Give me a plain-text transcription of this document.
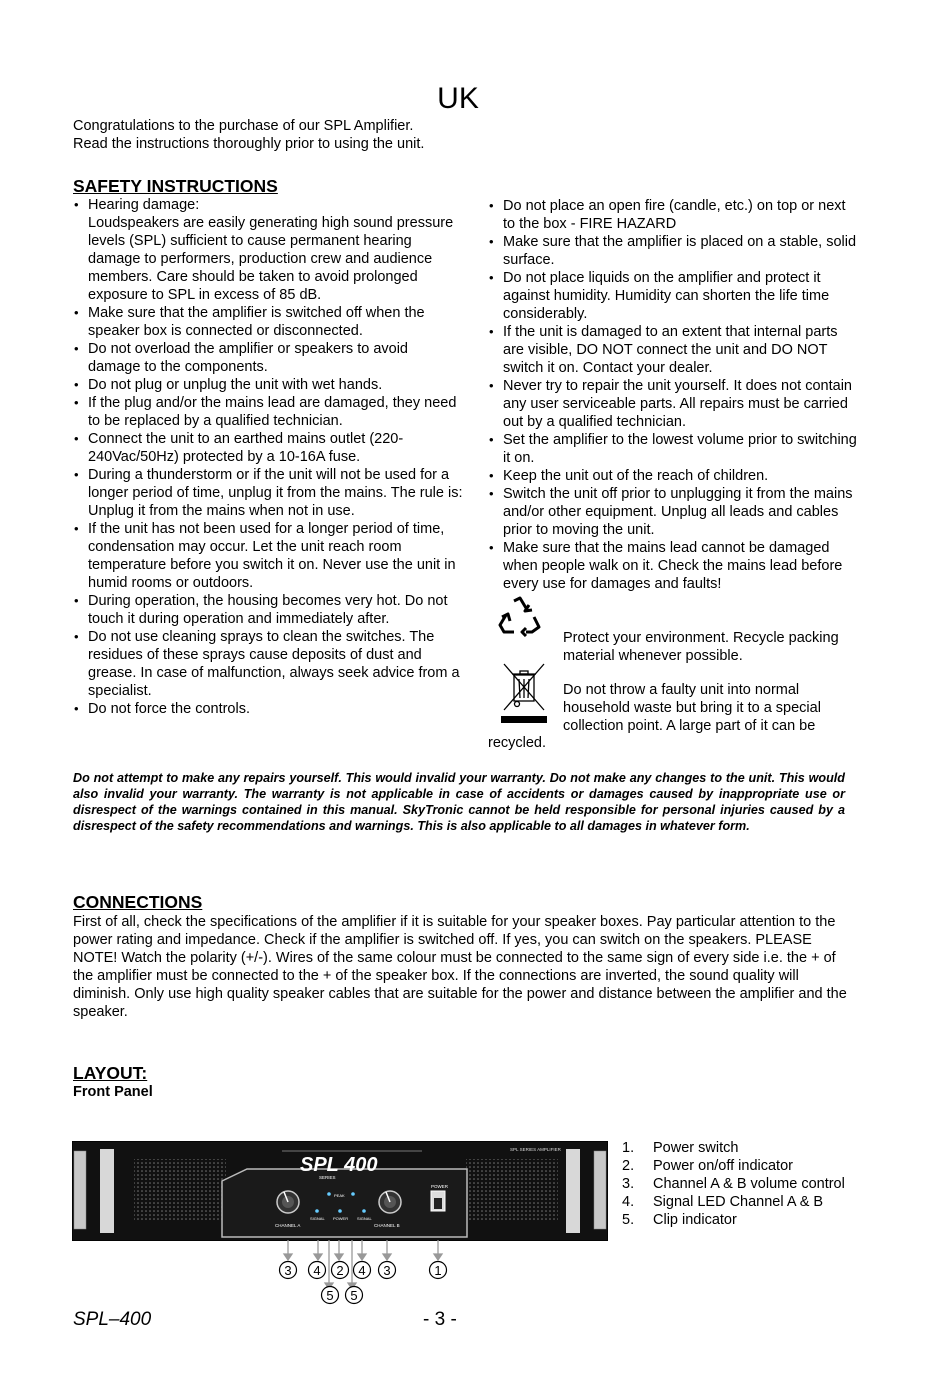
UK
Congratulations to the purchase of our SPL Amplifier.
Read the instructions thoroughly prior to using the unit.
SAFETY INSTRUCTIONS
• Hearing damage:
Loudspeakers are easily generating high sound pressure levels (SPL) sufficient to cause permanent hearing damage to performers, production crew and audience members. Care should be taken to avoid prolonged exposure to SPL in excess of 85 dB.
• Make sure that the amplifier is switched off when the speaker box is connected or disconnected.
• Do not overload the amplifier or speakers to avoid damage to the components.
• Do not plug or unplug the unit with wet hands.
• If the plug and/or the mains lead are damaged, they need to be replaced by a qualified technician.
• Connect the unit to an earthed mains outlet (220-240Vac/50Hz) protected by a 10-16A fuse.
• During a thunderstorm or if the unit will not be used for a longer period of time, unplug it from the mains. The rule is: Unplug it from the mains when not in use.
• If the unit has not been used for a longer period of time, condensation may occur. Let the unit reach room temperature before you switch it on. Never use the unit in humid rooms or outdoors.
• During operation, the housing becomes very hot. Do not touch it during operation and immediately after.
• Do not use cleaning sprays to clean the switches. The residues of these sprays cause deposits of dust and grease. In case of malfunction, always seek advice from a specialist.
• Do not force the controls.
• Do not place an open fire (candle, etc.) on top or next to the box - FIRE HAZARD
• Make sure that the amplifier is placed on a stable, solid surface.
• Do not place liquids on the amplifier and protect it against humidity. Humidity can shorten the life time considerably.
• If the unit is damaged to an extent that internal parts are visible, DO NOT connect the unit and DO NOT switch it on. Contact your dealer.
• Never try to repair the unit yourself. It does not contain any user serviceable parts. All repairs must be carried out by a qualified technician.
• Set the amplifier to the lowest volume prior to switching it on.
• Keep the unit out of the reach of children.
• Switch the unit off prior to unplugging it from the mains and/or other equipment. Unplug all leads and cables prior to moving the unit.
• Make sure that the mains lead cannot be damaged when people walk on it. Check the mains lead before every use for damages and faults!
Protect your environment. Recycle packing material whenever possible.
Do not throw a faulty unit into normal household waste but bring it to a special collection point. A large part of it can be
recycled.
Do not attempt to make any repairs yourself. This would invalid your warranty. Do not make any changes to the unit. This would also invalid your warranty. The warranty is not applicable in case of accidents or damages caused by inappropriate use or disrespect of the warnings contained in this manual. SkyTronic cannot be held responsible for personal injuries caused by a disrespect of the safety recommendations and warnings. This is also applicable to all damages in whatever form.
CONNECTIONS
First of all, check the specifications of the amplifier if it is suitable for your speaker boxes. Pay particular attention to the power rating and impedance. Check if the amplifier is switched off. If yes, you can switch on the speakers. PLEASE NOTE! Watch the polarity (+/-). Wires of the same colour must be connected to the same sign of every side i.e. the + of the amplifier must be connected to the + of the speaker box. If the connections are inverted, the sound quality will diminish. Only use high quality speaker cables that are suitable for the power and distance between the amplifier and the speaker.
LAYOUT:
Front Panel
SPL SERIES AMPLIFIER
SPL 400
SERIES
CHANNEL A	CHANNEL B
PEAK
SIGNAL POWER SIGNAL
POWER
3 4 2 4 3	1
5 5
1. Power switch
2. Power on/off indicator
3. Channel A & B volume control
4. Signal LED Channel A & B
5. Clip indicator
SPL–400	- 3 -
